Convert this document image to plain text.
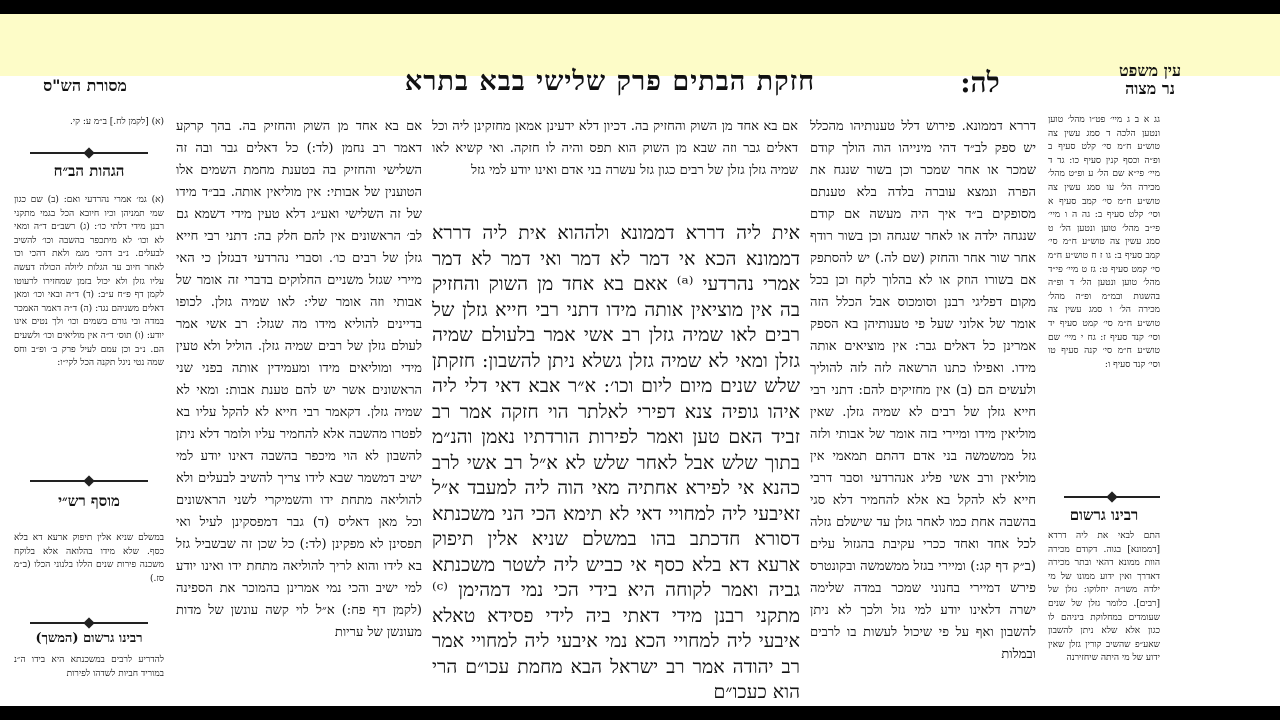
עין משפט
נר מצוה
לה:
חזקת הבתים פרק שלישי בבא בתרא
מסורת הש"ס

גג א ב ג מיי׳ פט״ו מהל׳ טוען ונטען הלכה ד סמג עשין צה טוש״ע ח״מ סי׳ קלט סעיף ב ופ״ה וכסף קנין סעיף כו: גד ד מיי׳ פי״א שם הל׳ ע ופ״ט מהל׳ מכירה הל׳ עו סמג עשין צה טוש״ע ח״מ סי׳ קמב סעיף א וסי׳ קלט סעיף ב: גה ה ו מיי׳ פי״ב מהל׳ טוען ונטען הל׳ ט סמג עשין צה טוש״ע ח״מ סי׳ קמב סעיף ב: גו ז ח טוש״ע ח״מ סי׳ קמט סעיף ט: גז ט מיי׳ פי״ד מהל׳ טוען ונטען הל׳ ד ופ״ה בהשגות ובמ״מ ופ״ה מהל׳ מכירה הל׳ ו סמג עשין צה טוש״ע ח״מ סי׳ קמט סעיף יד וסי׳ קנד סעיף ז: גח י מיי׳ שם טוש״ע ח״מ סי׳ קנה סעיף טו וסי׳ קנד סעיף ו:

רבינו גרשום

התם לבאי את ליה דרדא [דממונא] בגוה. דקודם מכירה הוות ממונא דהאי ובתר מכירה דאדרך ואין ידוע ממונו של מי ילדה משו״ה יחלוקו: גזלן של [רבים]. כלומר גזלן של שנים שעומדים במחלוקת ביניהם לו כגון אלא שלא ניתן להשבון שאע״פ שהשיב קורין גזלן שאין ידוע של מי היתה שיחזירנה

דררא דממונא. פירוש דלל טענותיהו מהכלל יש ספק לב״ד דהי מינייהו הוה הולך קודם שמכר או אחר שמכר וכן בשור שנגח את הפרה ונמצא עוברה בלדה בלא טענתם מסופקים ב״ד איך היה מעשה אם קודם שנגחה ילדה או לאחר שנגחה וכן בשור רודף אחר שור אחר והחזק (שם לה.) יש להסתפק אם בשורו הוזק או לא בהלוך לקח וכן בכל מקום דפליגי רבנן וסומכוס אבל הכלל הזה אומר של אלוני שעל פי טענותיהן בא הספק אמרינן כל דאלים גבר: אין מוציאים אותה מידו. ואפילו כתנו הרשאה לזה לזה להוליך ולעשים הם (ב) אין מחזיקים להם: דתני רבי חייא גזלן של רבים לא שמיה גזלן. שאין מוליאין מידו ומיירי בזה אומר של אבותי ולזה גזל ממשמשה בני אדם דהתם תמאמי אין מוליאין ורב אשי פליג אנהרדעי וסבר דרבי חייא לא להקל בא אלא להחמיר דלא סגי בהשבה אחת כמו לאחר גזלן עד שישלם גזלה לכל אחד ואחד ככרי עקיבת בהגזול עלים (ב״ק דף קג:) ומיירי בגזל ממשמשה ובקונטרס פירש דמיירי בחנוני שמכר במדה שלימה ישרה דלאינו יודע למי גזל ולכך לא ניתן להשבון ואף על פי שיכול לעשות בו לרבים ובמלות

אם בא אחד מן השוק והחזיק בה. דכיון דלא ידעינן אמאן מחזקינן ליה וכל דאלים גבר וזה שבא מן השוק הוא תפס והיה לו חזקה. ואי קשיא לאו שמיה גזלן גזלן של רבים כגון גזל עשרה בני אדם ואינו יודע למי גזל

אית ליה דררא דממונא ולההוא אית ליה דררא דממונא הכא אי דמר לא דמר ואי דמר לא דמר אמרי נהרדעי ⁽ᵃ⁾ אאם בא אחד מן השוק והחזיק בה אין מוציאין אותה מידו דתני רבי חייא גזלן של רבים לאו שמיה גזלן רב אשי אמר בלעולם שמיה גזלן ומאי לא שמיה גזלן גשלא ניתן להשבון: חזקתן שלש שנים מיום ליום וכו׳: א״ר אבא דאי דלי ליה איהו גופיה צנא דפירי לאלתר הוי חזקה אמר רב זביד האם טען ואמר לפירות הורדתיו נאמן והנ״מ בתוך שלש אבל לאחר שלש לא א״ל רב אשי לרב כהנא אי לפירא אחתיה מאי הוה ליה למעבד א״ל זאיבעי ליה למחויי דאי לא תימא הכי הני משכנתא דסורא חדכתב בהו במשלם שניא אלין תיפוק ארעא דא בלא כסף אי כביש ליה לשטר משכנתא גביה ואמר לקוחה היא בידי הכי נמי דמהימן ⁽ᶜ⁾ מתקני רבנן מידי דאתי ביה לידי פסידא טאלא איבעי ליה למחויי הכא נמי איבעי ליה למחויי אמר רב יהודה אמר רב ישראל הבא מחמת עכו״ם הרי הוא כעכו״ם

אם בא אחד מן השוק והחזיק בה. בהך קרקע דאמר רב נחמן (לד:) כל דאלים גבר ובה זה השלישי והחזיק בה בטענת מחמת השמים אלו הטוענין של אבותי: אין מוליאין אותה. בב״ד מידו של זה השלישי ואע״ג דלא טעין מידי דשמא גם לב׳ הראשונים אין להם חלק בה: דתני רבי חייא גזלן של רבים כו׳. וסברי נהרדעי דבגזלן כי האי מיירי שגזל משניים החלוקים בדברי זה אומר של אבותי וזה אומר שלי: לאו שמיה גזלן. לכופו בדיינים להוליא מידו מה שגזל: רב אשי אמר לעולם גזלן של רבים שמיה גזלן. הוליל ולא טעין מידי ומוליאים מידו ומעמידין אותה בפני שני הראשונים אשר יש להם טענת אבות: ומאי לא שמיה גזלן. דקאמר רבי חייא לא להקל עליו בא לפטרו מהשבה אלא להחמיר עליו ולומר דלא ניתן להשבון לא הוי מיכפר בהשבה דאינו יודע למי ישיב דמשמר שבא לידו צריך להשיב לבעלים ולא להוליאה מתחת ידו והשמיקרי לשני הראשונים וכל מאן דאליס (ד) גבר דמפסקינן לעיל ואי תפסינן לא מפקינן (לד:) כל שכן זה שבשביל גזל בא לידו והוא לריך להוליאה מתחת ידו ואינו יודע למי ישיב והכי נמי אמרינן בהמוכר את הספינה (לקמן דף פח:) א״ל לוי קשה עונשן של מדות מעונשן של עריות

(א) [לקמן לח.] ב״מ ע: קי.

הגהות הב״ח

(א) גמ׳ אמרי נהרדעי ואם: (ב) שם כגון שמי תמניהן וכיו חיובא הכל בגמי מתקני רבנן מידי דלתי כו׳: (ג) רשב״ם ד״ה ומאי לא וכו׳ לא מיתכפר בהשבה וכו׳ להשיב לבעלים. נ״ב דהכי מגמ ולאת דהכי וכו לאחר חיוב עד הגלות ליולה הכולה דעשה עליו גזלן ולא יכול בזמן שמחזירו לרעוטו לקמן דף פ״ח ע״ב: (ד) ד״ה ובאי וכו׳ ומאן דאלים משניהם נגד: (ה) ד״ה דאמר האמכר במדה ובי גורם בשמים וכו׳ ולך נטים אינו יודע: (ו) תוס׳ ד״ה אין מוליאים וכו׳ ולשעים הם. נ״ב וכן עמם לעיל פרק ב׳ ופ״ב וחס שמה נטי ניגל תקנה הכל לקי״ו:

מוסף רש״י

במשלם שניא אלין תיפוק ארעא דא בלא כסף. שלא מידו בהלואה אלא בלוקח משכנה פירות שנים הללו בלנוני הכלו (ב״מ סז.)

רבינו גרשום (המשך)

להדריע לרבים במשכנתא היא בידו ה״נ במוריד חביות לשדהו לפירות
